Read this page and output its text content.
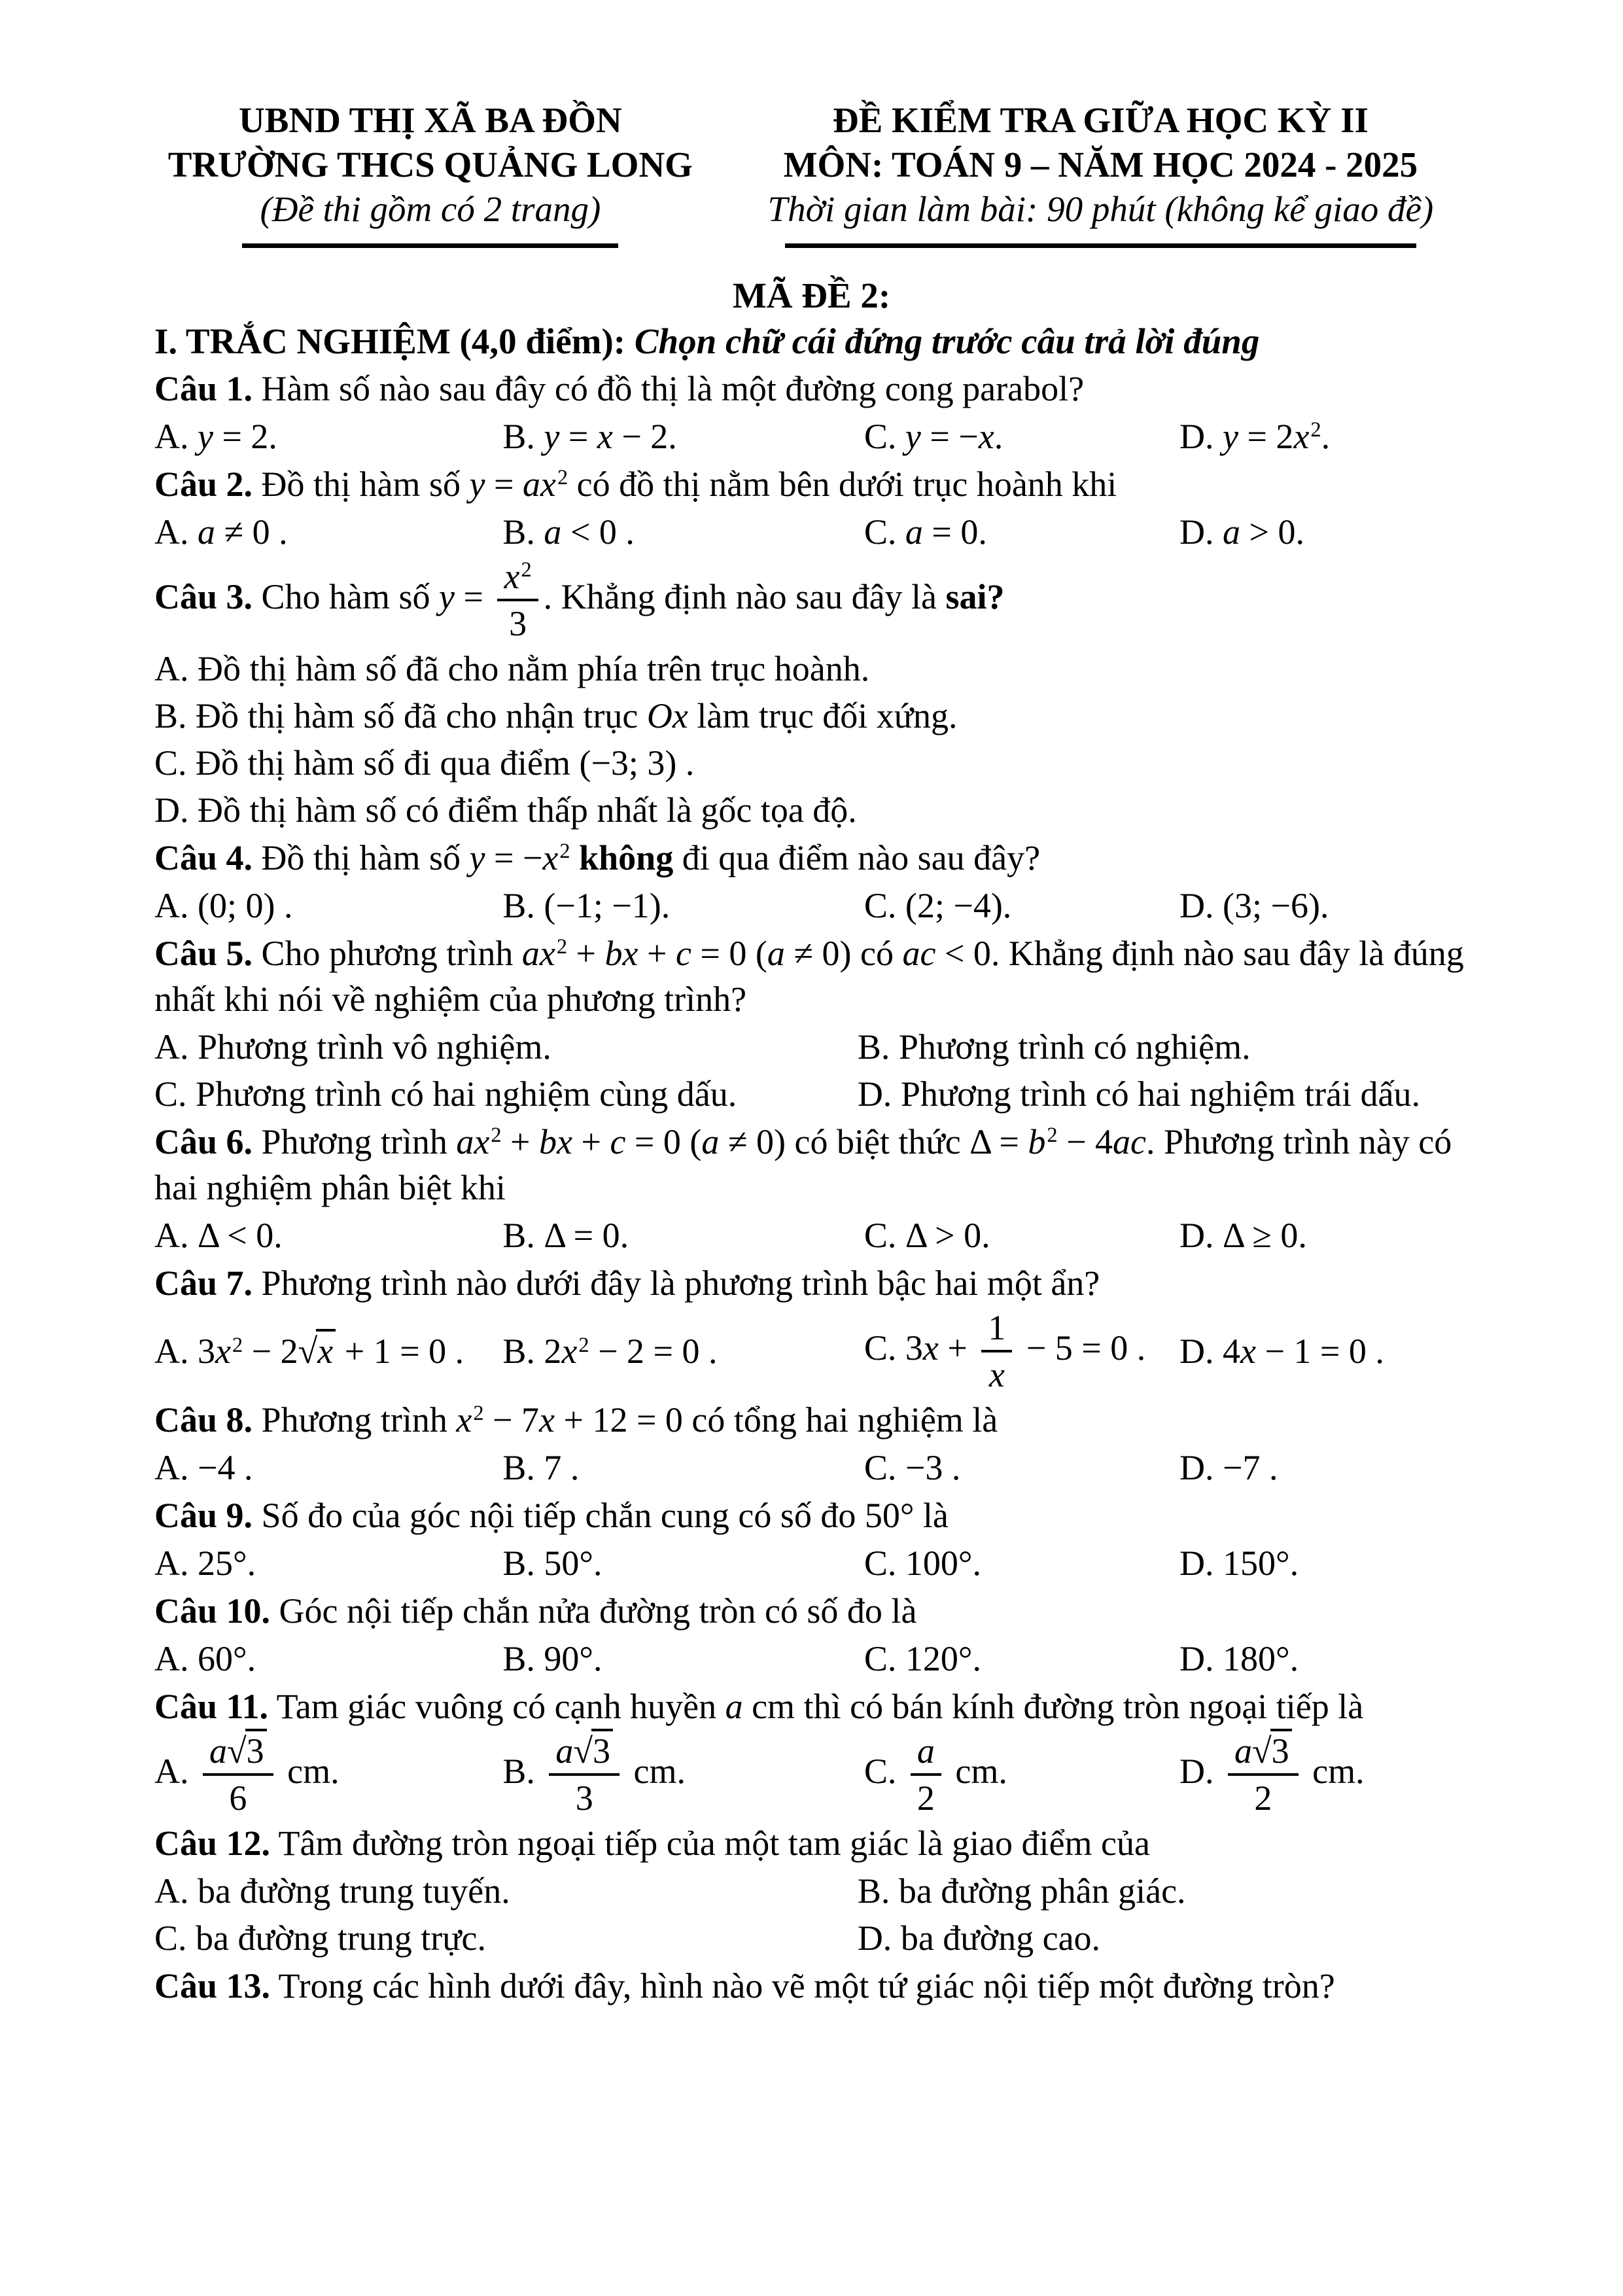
UBND THỊ XÃ BA ĐỒN
TRƯỜNG THCS QUẢNG LONG
(Đề thi gồm có 2 trang)
ĐỀ KIỂM TRA GIỮA HỌC KỲ II
MÔN: TOÁN 9 – NĂM HỌC 2024 - 2025
Thời gian làm bài: 90 phút (không kể giao đề)
MÃ ĐỀ 2:
I. TRẮC NGHIỆM (4,0 điểm): Chọn chữ cái đứng trước câu trả lời đúng

Câu 1. Hàm số nào sau đây có đồ thị là một đường cong parabol?

A. y = 2.	B. y = x − 2.	C. y = −x.	D. $y = 2x^2$.

Câu 2. Đồ thị hàm số $y = ax^2$ có đồ thị nằm bên dưới trục hoành khi

A. a ≠ 0 .	B. a < 0 .	C. a = 0.	D. a > 0.

Câu 3. Cho hàm số $y = \frac{x^2}{3}$ . Khẳng định nào sau đây là sai?

A. Đồ thị hàm số đã cho nằm phía trên trục hoành.
B. Đồ thị hàm số đã cho nhận trục Ox làm trục đối xứng.
C. Đồ thị hàm số đi qua điểm (−3; 3) .
D. Đồ thị hàm số có điểm thấp nhất là gốc tọa độ.

Câu 4. Đồ thị hàm số $y = -x^2$ không đi qua điểm nào sau đây?

A. (0; 0) .	B. (−1; −1).	C. (2; −4).	D. (3; −6).

Câu 5. Cho phương trình $ax^2$ + bx + c = 0 (a ≠ 0) có ac < 0. Khẳng định nào sau đây là đúng nhất khi nói về nghiệm của phương trình?

A. Phương trình vô nghiệm.	B. Phương trình có nghiệm.
C. Phương trình có hai nghiệm cùng dấu.	D. Phương trình có hai nghiệm trái dấu.

Câu 6. Phương trình $ax^2$ + bx + c = 0 (a ≠ 0) có biệt thức $\Delta = b^2 - 4ac$. Phương trình này có hai nghiệm phân biệt khi

A. Δ < 0.	B. Δ = 0.	C. Δ > 0.	D. Δ ≥ 0.

Câu 7. Phương trình nào dưới đây là phương trình bậc hai một ẩn?

A. $3x^2 - 2√x + 1 = 0$ .	B. $2x^2 - 2 = 0$ .	C. $3x + \frac{1}{x} - 5 = 0$ . D. 4x − 1 = 0 .

Câu 8. Phương trình $x^2 - 7x + 12 = 0$ có tổng hai nghiệm là

A. −4 .	B. 7 .	C. −3 .	D. −7 .

Câu 9. Số đo của góc nội tiếp chắn cung có số đo 50° là

A. 25°.	B. 50°.	C. 100°.	D. 150°.

Câu 10. Góc nội tiếp chắn nửa đường tròn có số đo là

A. 60°.	B. 90°.	C. 120°.	D. 180°.

Câu 11. Tam giác vuông có cạnh huyền a cm thì có bán kính đường tròn ngoại tiếp là

A. $\frac{a√3}{6}$ cm.	B. $\frac{a√3}{3}$ cm.	C. $\frac{a}{2}$ cm.	D. $\frac{a√3}{2}$ cm.

Câu 12. Tâm đường tròn ngoại tiếp của một tam giác là giao điểm của

A. ba đường trung tuyến.	B. ba đường phân giác.
C. ba đường trung trực.	D. ba đường cao.

Câu 13. Trong các hình dưới đây, hình nào vẽ một tứ giác nội tiếp một đường tròn?
